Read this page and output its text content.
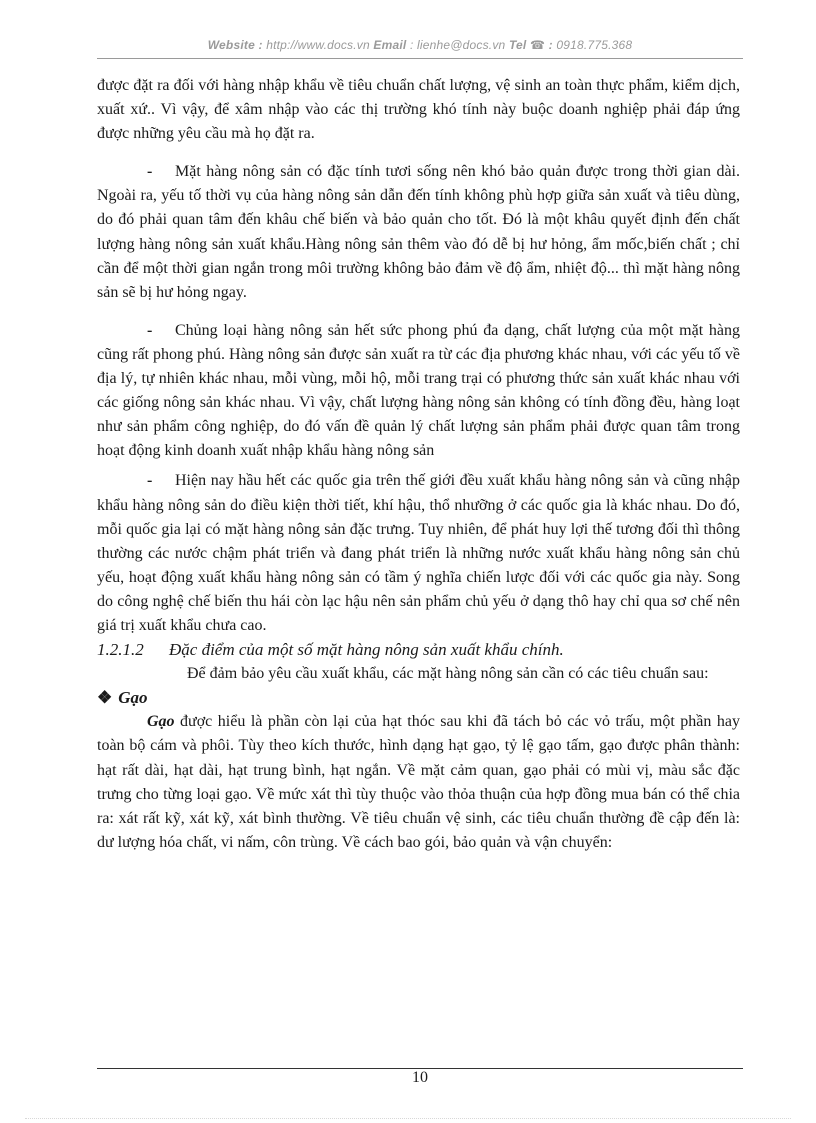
Website : http://www.docs.vn Email : lienhe@docs.vn Tel ☎ : 0918.775.368

được đặt ra đối với hàng nhập khẩu về tiêu chuẩn chất lượng, vệ sinh an toàn thực phẩm, kiểm dịch, xuất xứ.. Vì vậy, để xâm nhập vào các thị trường khó tính này buộc doanh nghiệp phải đáp ứng được những yêu cầu mà họ đặt ra.

- Mặt hàng nông sản có đặc tính tươi sống nên khó bảo quản được trong thời gian dài. Ngoài ra, yếu tố thời vụ của hàng nông sản dẫn đến tính không phù hợp giữa sản xuất và tiêu dùng, do đó phải quan tâm đến khâu chế biến và bảo quản cho tốt. Đó là một khâu quyết định đến chất lượng hàng nông sản xuất khẩu.Hàng nông sản thêm vào đó dễ bị hư hỏng, ẩm mốc,biến chất ; chỉ cần để một thời gian ngắn trong môi trường không bảo đảm về độ ẩm, nhiệt độ... thì mặt hàng nông sản sẽ bị hư hỏng ngay.

- Chủng loại hàng nông sản hết sức phong phú đa dạng, chất lượng của một mặt hàng cũng rất phong phú. Hàng nông sản được sản xuất ra từ các địa phương khác nhau, với các yếu tố về địa lý, tự nhiên khác nhau, mỗi vùng, mỗi hộ, mỗi trang trại có phương thức sản xuất khác nhau với các giống nông sản khác nhau. Vì vậy, chất lượng hàng nông sản không có tính đồng đều, hàng loạt như sản phẩm công nghiệp, do đó vấn đề quản lý chất lượng sản phẩm phải được quan tâm trong hoạt động kinh doanh xuất nhập khẩu hàng nông sản

- Hiện nay hầu hết các quốc gia trên thế giới đều xuất khẩu hàng nông sản và cũng nhập khẩu hàng nông sản do điều kiện thời tiết, khí hậu, thổ nhưỡng ở các quốc gia là khác nhau. Do đó, mỗi quốc gia lại có mặt hàng nông sản đặc trưng. Tuy nhiên, để phát huy lợi thế tương đối thì thông thường các nước chậm phát triển và đang phát triển là những nước xuất khẩu hàng nông sản chủ yếu, hoạt động xuất khẩu hàng nông sản có tầm ý nghĩa chiến lược đối với các quốc gia này. Song do công nghệ chế biến thu hái còn lạc hậu nên sản phẩm chủ yếu ở dạng thô hay chỉ qua sơ chế nên giá trị xuất khẩu chưa cao.

1.2.1.2 Đặc điểm của một số mặt hàng nông sản xuất khẩu chính.

Để đảm bảo yêu cầu xuất khẩu, các mặt hàng nông sản cần có các tiêu chuẩn sau:

❖ Gạo

Gạo được hiểu là phần còn lại của hạt thóc sau khi đã tách bỏ các vỏ trấu, một phần hay toàn bộ cám và phôi. Tùy theo kích thước, hình dạng hạt gạo, tỷ lệ gạo tấm, gạo được phân thành: hạt rất dài, hạt dài, hạt trung bình, hạt ngắn. Về mặt cảm quan, gạo phải có mùi vị, màu sắc đặc trưng cho từng loại gạo. Về mức xát thì tùy thuộc vào thỏa thuận của hợp đồng mua bán có thể chia ra: xát rất kỹ, xát kỹ, xát bình thường. Về tiêu chuẩn vệ sinh, các tiêu chuẩn thường đề cập đến là: dư lượng hóa chất, vi nấm, côn trùng. Về cách bao gói, bảo quản và vận chuyển:

10
